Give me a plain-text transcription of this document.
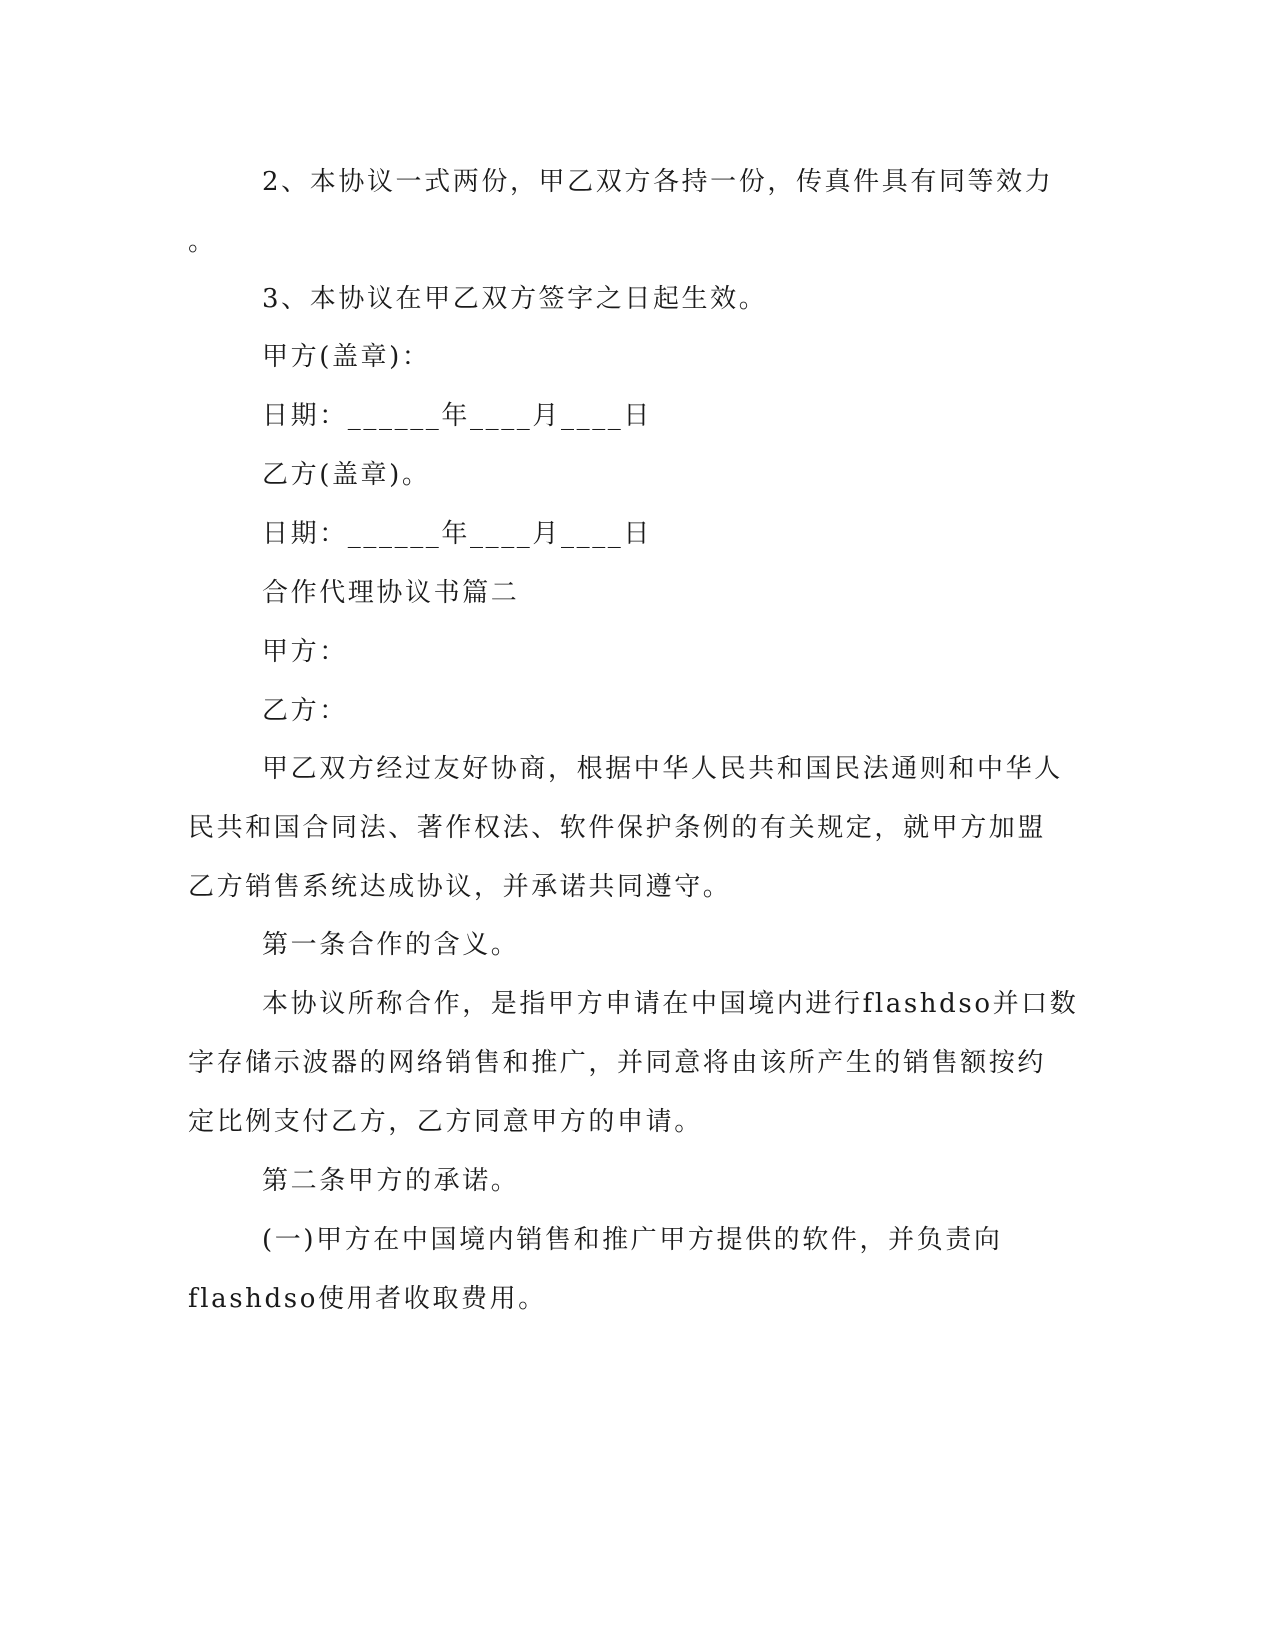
2、本协议一式两份，甲乙双方各持一份，传真件具有同等效力
。
3、本协议在甲乙双方签字之日起生效。
甲方(盖章)：
日期：______年____月____日
乙方(盖章)。
日期：______年____月____日
合作代理协议书篇二
甲方：
乙方：
甲乙双方经过友好协商，根据中华人民共和国民法通则和中华人
民共和国合同法、著作权法、软件保护条例的有关规定，就甲方加盟
乙方销售系统达成协议，并承诺共同遵守。
第一条合作的含义。
本协议所称合作，是指甲方申请在中国境内进行flashdso并口数
字存储示波器的网络销售和推广，并同意将由该所产生的销售额按约
定比例支付乙方，乙方同意甲方的申请。
第二条甲方的承诺。
(一)甲方在中国境内销售和推广甲方提供的软件，并负责向
flashdso使用者收取费用。
